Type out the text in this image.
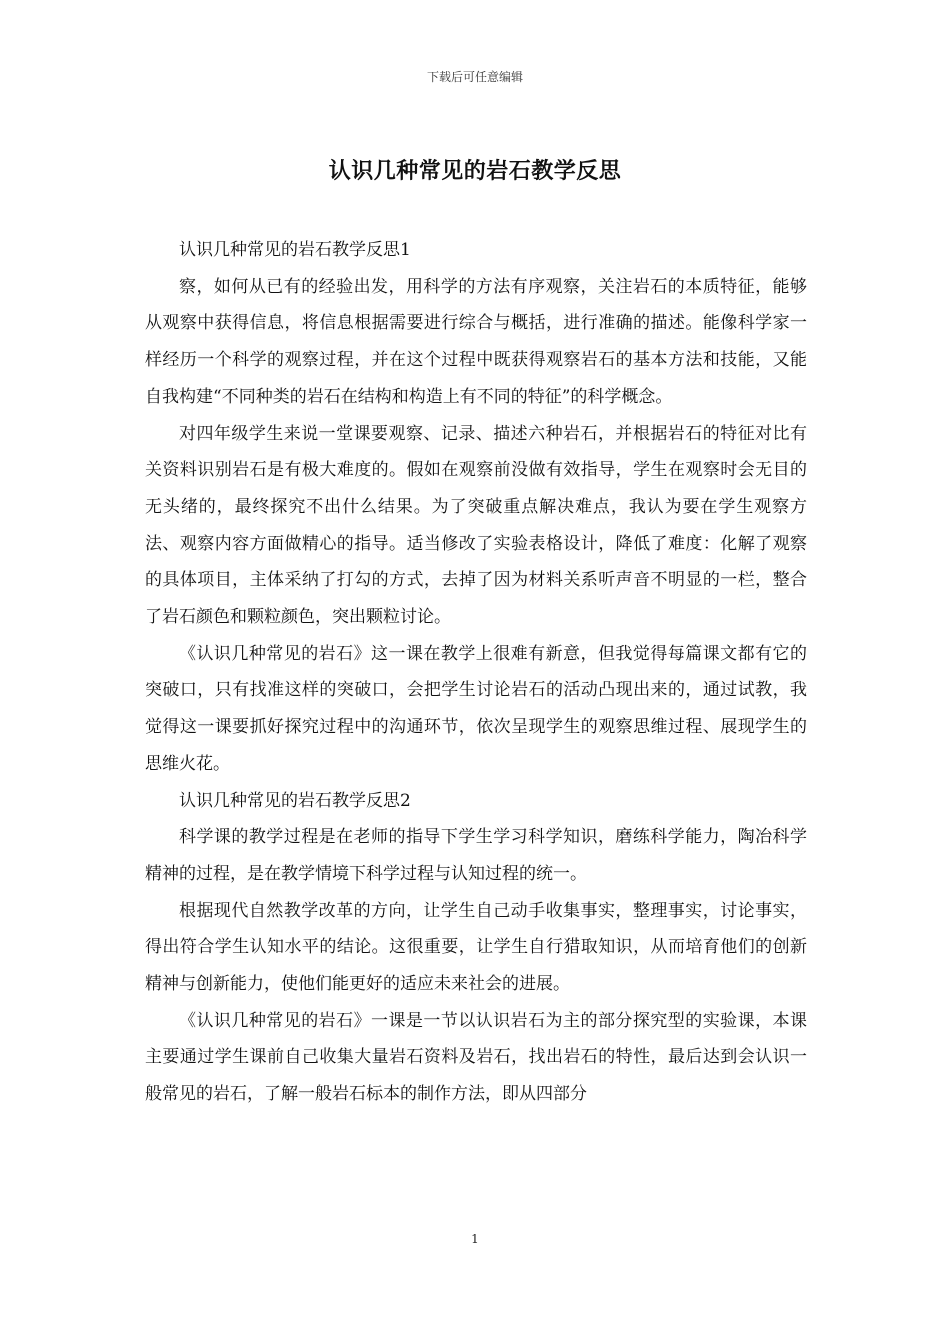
下载后可任意编辑
认识几种常见的岩石教学反思

认识几种常见的岩石教学反思1

察，如何从已有的经验出发，用科学的方法有序观察，关注岩石的本质特征，能够从观察中获得信息，将信息根据需要进行综合与概括，进行准确的描述。能像科学家一样经历一个科学的观察过程，并在这个过程中既获得观察岩石的基本方法和技能，又能自我构建“不同种类的岩石在结构和构造上有不同的特征”的科学概念。

对四年级学生来说一堂课要观察、记录、描述六种岩石，并根据岩石的特征对比有关资料识别岩石是有极大难度的。假如在观察前没做有效指导，学生在观察时会无目的无头绪的，最终探究不出什么结果。为了突破重点解决难点，我认为要在学生观察方法、观察内容方面做精心的指导。适当修改了实验表格设计，降低了难度：化解了观察的具体项目，主体采纳了打勾的方式，去掉了因为材料关系听声音不明显的一栏，整合了岩石颜色和颗粒颜色，突出颗粒讨论。

《认识几种常见的岩石》这一课在教学上很难有新意，但我觉得每篇课文都有它的突破口，只有找准这样的突破口，会把学生讨论岩石的活动凸现出来的，通过试教，我觉得这一课要抓好探究过程中的沟通环节，依次呈现学生的观察思维过程、展现学生的思维火花。

认识几种常见的岩石教学反思2

科学课的教学过程是在老师的指导下学生学习科学知识，磨练科学能力，陶冶科学精神的过程，是在教学情境下科学过程与认知过程的统一。

根据现代自然教学改革的方向，让学生自己动手收集事实，整理事实，讨论事实，得出符合学生认知水平的结论。这很重要，让学生自行猎取知识，从而培育他们的创新精神与创新能力，使他们能更好的适应未来社会的进展。

《认识几种常见的岩石》一课是一节以认识岩石为主的部分探究型的实验课，本课主要通过学生课前自己收集大量岩石资料及岩石，找出岩石的特性，最后达到会认识一般常见的岩石，了解一般岩石标本的制作方法，即从四部分

1
